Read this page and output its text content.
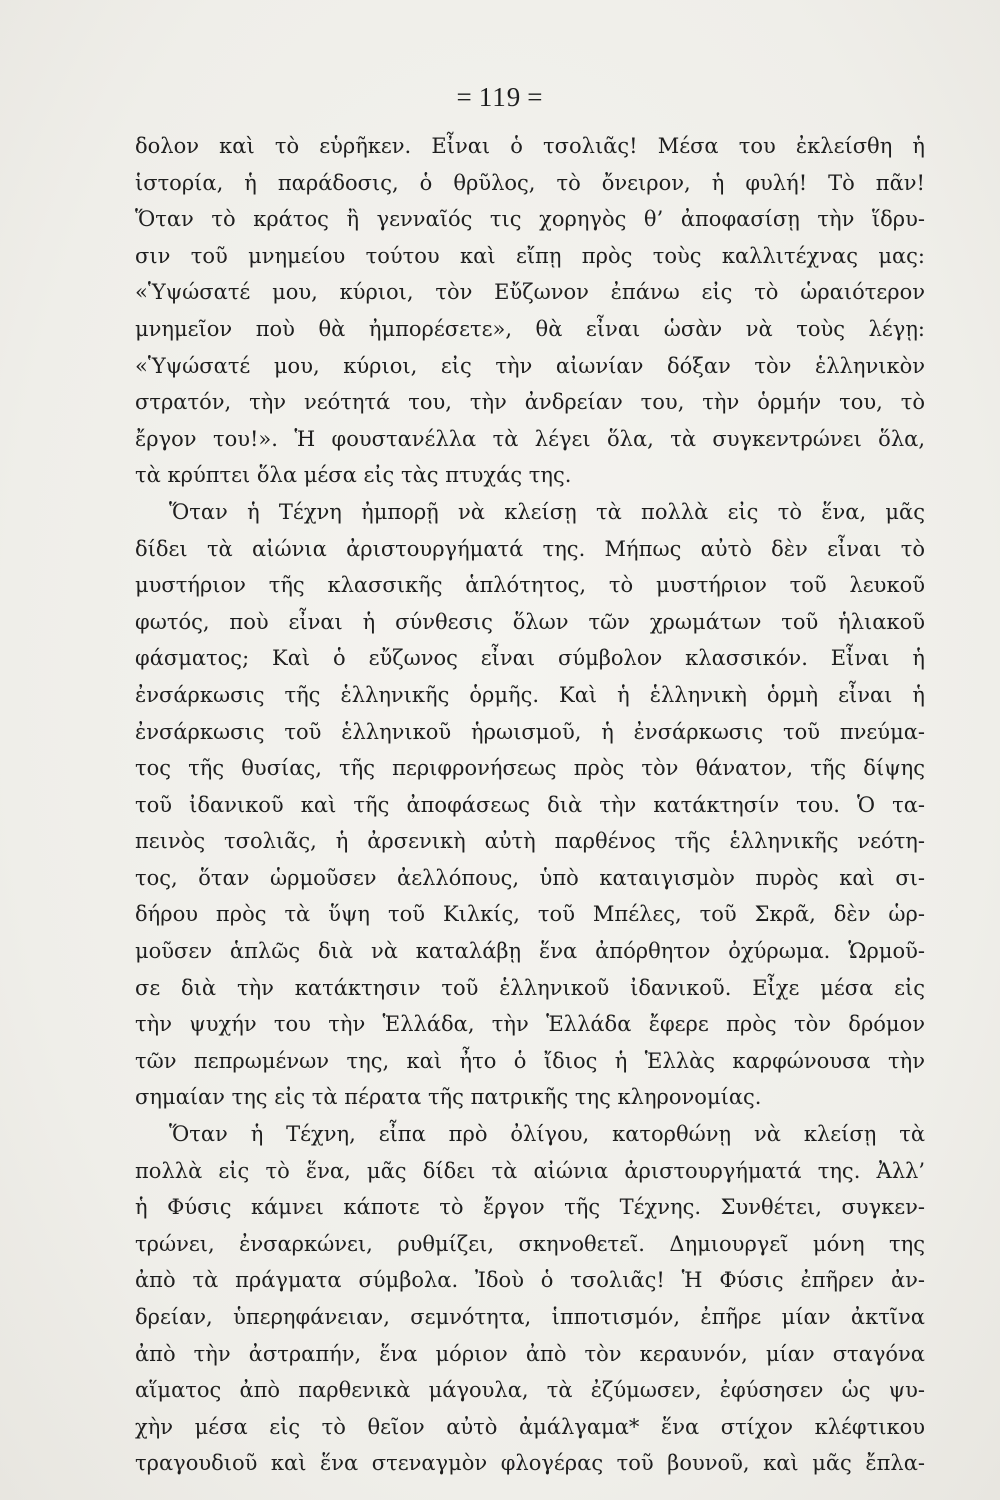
= 119 =
δολον καὶ τὸ εὑρῆκεν. Εἶναι ὁ τσολιᾶς! Μέσα του ἐκλείσθη ἡ
ἱστορία, ἡ παράδοσις, ὁ θρῦλος, τὸ ὄνειρον, ἡ φυλή! Τὸ πᾶν!
Ὅταν τὸ κράτος ἢ γενναῖός τις χορηγὸς θ’ ἀποφασίσῃ τὴν ἵδρυ-
σιν τοῦ μνημείου τούτου καὶ εἴπῃ πρὸς τοὺς καλλιτέχνας μας:
«Ὑψώσατέ μου, κύριοι, τὸν Εὔζωνον ἐπάνω εἰς τὸ ὡραιότερον
μνημεῖον ποὺ θὰ ἠμπορέσετε», θὰ εἶναι ὡσὰν νὰ τοὺς λέγῃ:
«Ὑψώσατέ μου, κύριοι, εἰς τὴν αἰωνίαν δόξαν τὸν ἑλληνικὸν
στρατόν, τὴν νεότητά του, τὴν ἀνδρείαν του, τὴν ὁρμήν του, τὸ
ἔργον του!». Ἡ φουστανέλλα τὰ λέγει ὅλα, τὰ συγκεντρώνει ὅλα,
τὰ κρύπτει ὅλα μέσα εἰς τὰς πτυχάς της.
Ὅταν ἡ Τέχνη ἠμπορῇ νὰ κλείσῃ τὰ πολλὰ εἰς τὸ ἕνα, μᾶς
δίδει τὰ αἰώνια ἀριστουργήματά της. Μήπως αὐτὸ δὲν εἶναι τὸ
μυστήριον τῆς κλασσικῆς ἁπλότητος, τὸ μυστήριον τοῦ λευκοῦ
φωτός, ποὺ εἶναι ἡ σύνθεσις ὅλων τῶν χρωμάτων τοῦ ἡλιακοῦ
φάσματος; Καὶ ὁ εὔζωνος εἶναι σύμβολον κλασσικόν. Εἶναι ἡ
ἐνσάρκωσις τῆς ἑλληνικῆς ὁρμῆς. Καὶ ἡ ἑλληνικὴ ὁρμὴ εἶναι ἡ
ἐνσάρκωσις τοῦ ἑλληνικοῦ ἡρωισμοῦ, ἡ ἐνσάρκωσις τοῦ πνεύμα-
τος τῆς θυσίας, τῆς περιφρονήσεως πρὸς τὸν θάνατον, τῆς δίψης
τοῦ ἰδανικοῦ καὶ τῆς ἀποφάσεως διὰ τὴν κατάκτησίν του. Ὁ τα-
πεινὸς τσολιᾶς, ἡ ἀρσενικὴ αὐτὴ παρθένος τῆς ἑλληνικῆς νεότη-
τος, ὅταν ὡρμοῦσεν ἀελλόπους, ὑπὸ καταιγισμὸν πυρὸς καὶ σι-
δήρου πρὸς τὰ ὕψη τοῦ Κιλκίς, τοῦ Μπέλες, τοῦ Σκρᾶ, δὲν ὡρ-
μοῦσεν ἁπλῶς διὰ νὰ καταλάβῃ ἕνα ἀπόρθητον ὀχύρωμα. Ὡρμοῦ-
σε διὰ τὴν κατάκτησιν τοῦ ἑλληνικοῦ ἰδανικοῦ. Εἶχε μέσα εἰς
τὴν ψυχήν του τὴν Ἑλλάδα, τὴν Ἑλλάδα ἔφερε πρὸς τὸν δρόμον
τῶν πεπρωμένων της, καὶ ἦτο ὁ ἴδιος ἡ Ἑλλὰς καρφώνουσα τὴν
σημαίαν της εἰς τὰ πέρατα τῆς πατρικῆς της κληρονομίας.
Ὅταν ἡ Τέχνη, εἶπα πρὸ ὀλίγου, κατορθώνῃ νὰ κλείσῃ τὰ
πολλὰ εἰς τὸ ἕνα, μᾶς δίδει τὰ αἰώνια ἀριστουργήματά της. Ἀλλ’
ἡ Φύσις κάμνει κάποτε τὸ ἔργον τῆς Τέχνης. Συνθέτει, συγκεν-
τρώνει, ἐνσαρκώνει, ρυθμίζει, σκηνοθετεῖ. Δημιουργεῖ μόνη της
ἀπὸ τὰ πράγματα σύμβολα. Ἰδοὺ ὁ τσολιᾶς! Ἡ Φύσις ἐπῆρεν ἀν-
δρείαν, ὑπερηφάνειαν, σεμνότητα, ἱπποτισμόν, ἐπῆρε μίαν ἀκτῖνα
ἀπὸ τὴν ἀστραπήν, ἕνα μόριον ἀπὸ τὸν κεραυνόν, μίαν σταγόνα
αἵματος ἀπὸ παρθενικὰ μάγουλα, τὰ ἐζύμωσεν, ἐφύσησεν ὡς ψυ-
χὴν μέσα εἰς τὸ θεῖον αὐτὸ ἀμάλγαμα* ἕνα στίχον κλέφτικου
τραγουδιοῦ καὶ ἕνα στεναγμὸν φλογέρας τοῦ βουνοῦ, καὶ μᾶς ἔπλα-
